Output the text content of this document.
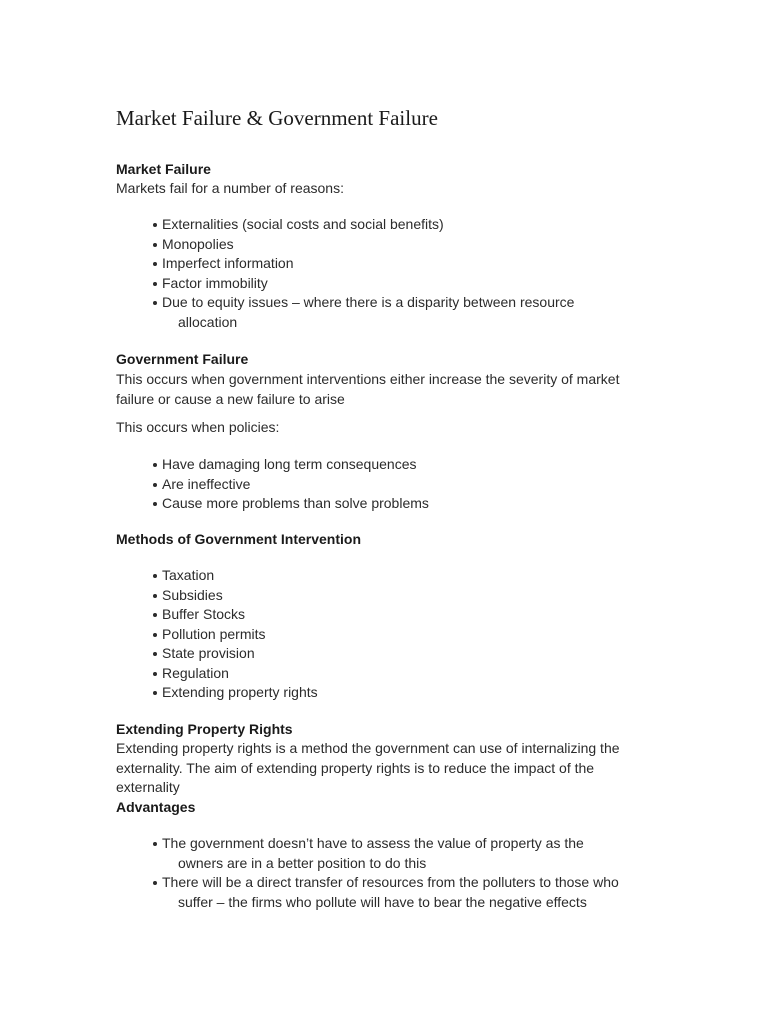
Market Failure & Government Failure
Market Failure

Markets fail for a number of reasons:

Externalities (social costs and social benefits)
Monopolies
Imperfect information
Factor immobility
Due to equity issues – where there is a disparity between resource
allocation
Government Failure

This occurs when government interventions either increase the severity of market
failure or cause a new failure to arise

This occurs when policies:

Have damaging long term consequences
Are ineffective
Cause more problems than solve problems
Methods of Government Intervention
Taxation
Subsidies
Buffer Stocks
Pollution permits
State provision
Regulation
Extending property rights
Extending Property Rights

Extending property rights is a method the government can use of internalizing the
externality. The aim of extending property rights is to reduce the impact of the
externality

Advantages
The government doesn’t have to assess the value of property as the
owners are in a better position to do this
There will be a direct transfer of resources from the polluters to those who
suffer – the firms who pollute will have to bear the negative effects
